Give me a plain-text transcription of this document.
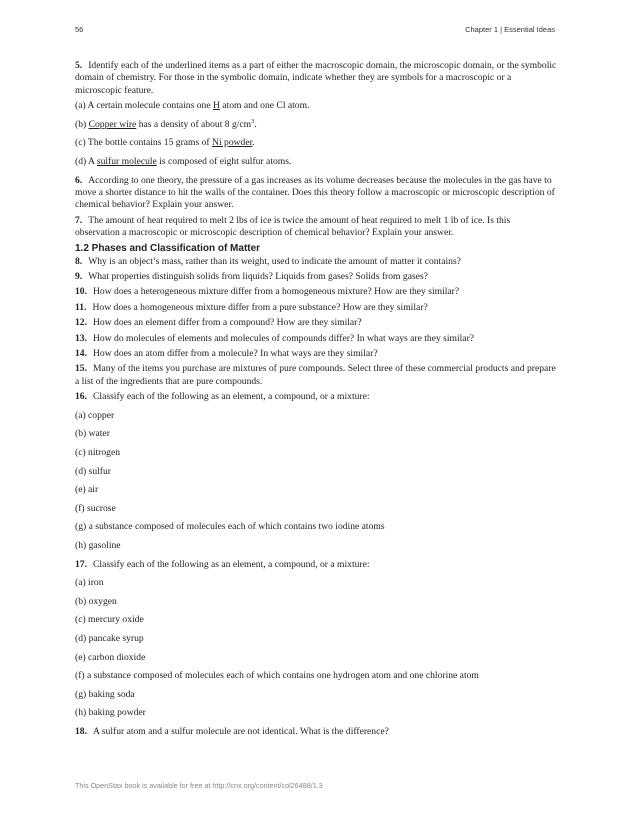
56	Chapter 1 | Essential Ideas

5. Identify each of the underlined items as a part of either the macroscopic domain, the microscopic domain, or the symbolic domain of chemistry. For those in the symbolic domain, indicate whether they are symbols for a macroscopic or a microscopic feature.

(a) A certain molecule contains one H atom and one Cl atom.

(b) Copper wire has a density of about 8 $g/cm^3$.

(c) The bottle contains 15 grams of Ni powder.

(d) A sulfur molecule is composed of eight sulfur atoms.

6. According to one theory, the pressure of a gas increases as its volume decreases because the molecules in the gas have to move a shorter distance to hit the walls of the container. Does this theory follow a macroscopic or microscopic description of chemical behavior? Explain your answer.

7. The amount of heat required to melt 2 lbs of ice is twice the amount of heat required to melt 1 lb of ice. Is this observation a macroscopic or microscopic description of chemical behavior? Explain your answer.

1.2 Phases and Classification of Matter

8. Why is an object’s mass, rather than its weight, used to indicate the amount of matter it contains?

9. What properties distinguish solids from liquids? Liquids from gases? Solids from gases?

10. How does a heterogeneous mixture differ from a homogeneous mixture? How are they similar?

11. How does a homogeneous mixture differ from a pure substance? How are they similar?

12. How does an element differ from a compound? How are they similar?

13. How do molecules of elements and molecules of compounds differ? In what ways are they similar?

14. How does an atom differ from a molecule? In what ways are they similar?

15. Many of the items you purchase are mixtures of pure compounds. Select three of these commercial products and prepare a list of the ingredients that are pure compounds.

16. Classify each of the following as an element, a compound, or a mixture:

(a) copper

(b) water

(c) nitrogen

(d) sulfur

(e) air

(f) sucrose

(g) a substance composed of molecules each of which contains two iodine atoms

(h) gasoline

17. Classify each of the following as an element, a compound, or a mixture:

(a) iron

(b) oxygen

(c) mercury oxide

(d) pancake syrup

(e) carbon dioxide

(f) a substance composed of molecules each of which contains one hydrogen atom and one chlorine atom

(g) baking soda

(h) baking powder

18. A sulfur atom and a sulfur molecule are not identical. What is the difference?

This OpenStax book is available for free at http://cnx.org/content/col26488/1.3
